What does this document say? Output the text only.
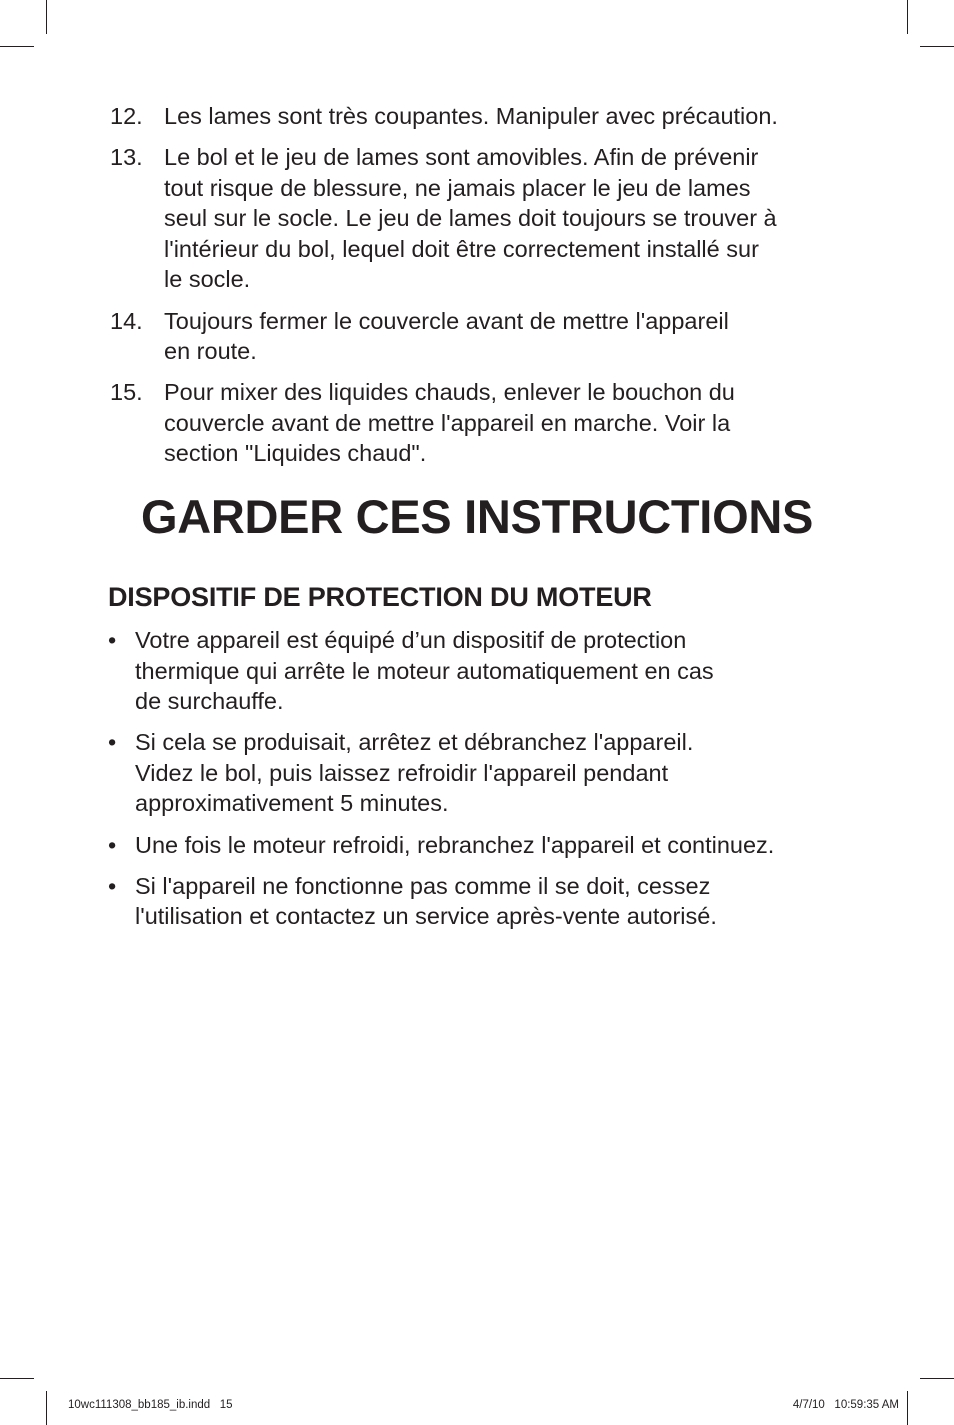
12. Les lames sont très coupantes. Manipuler avec précaution.
13. Le bol et le jeu de lames sont amovibles. Afin de prévenir
tout risque de blessure, ne jamais placer le jeu de lames
seul sur le socle. Le jeu de lames doit toujours se trouver à
l'intérieur du bol, lequel doit être correctement installé sur
le socle.
14. Toujours fermer le couvercle avant de mettre l'appareil
en route.
15. Pour mixer des liquides chauds, enlever le bouchon du
couvercle avant de mettre l'appareil en marche. Voir la
section "Liquides chaud".
GARDER CES INSTRUCTIONS
DISPOSITIF DE PROTECTION DU MOTEUR
• Votre appareil est équipé d’un dispositif de protection
thermique qui arrête le moteur automatiquement en cas
de surchauffe.
• Si cela se produisait, arrêtez et débranchez l'appareil.
Videz le bol, puis laissez refroidir l'appareil pendant
approximativement 5 minutes.
• Une fois le moteur refroidi, rebranchez l'appareil et continuez.
• Si l'appareil ne fonctionne pas comme il se doit, cessez
l'utilisation et contactez un service après-vente autorisé.
10wc111308_bb185_ib.indd   15	4/7/10   10:59:35 AM
